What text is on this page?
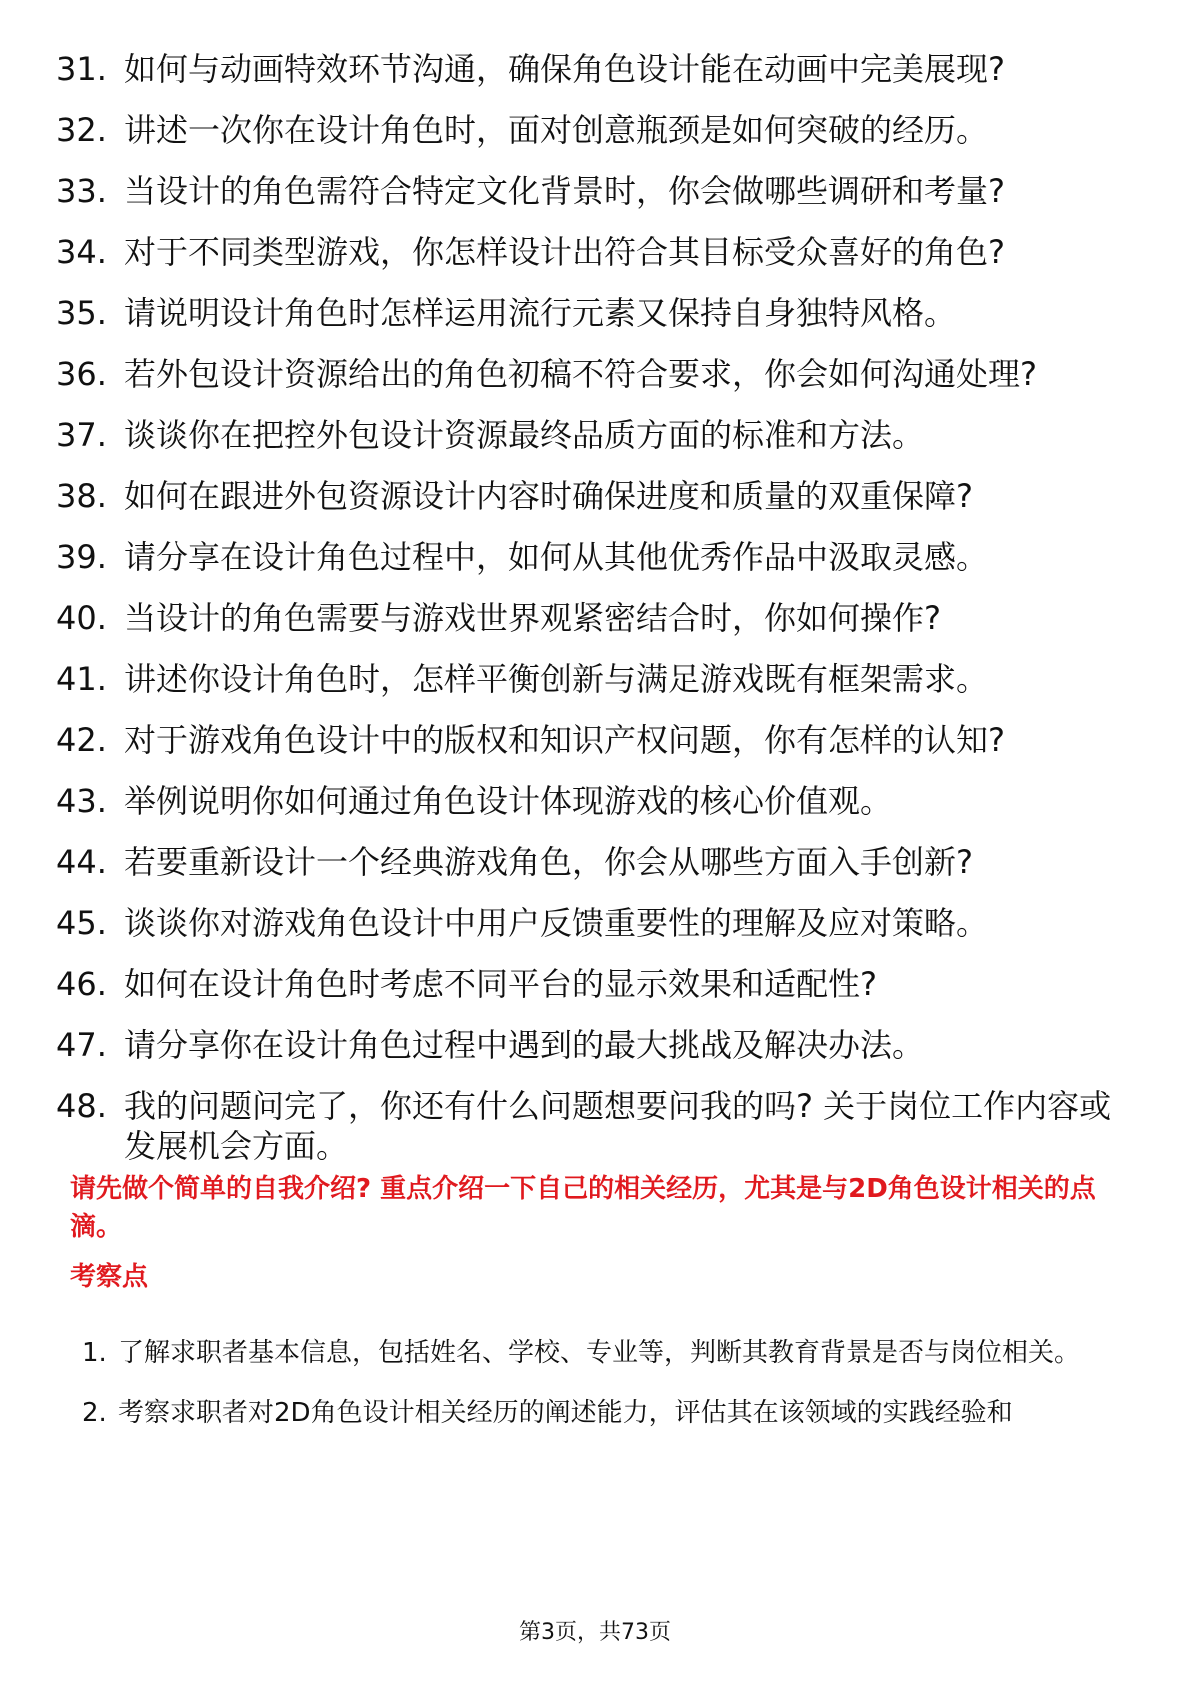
31. 如何与动画特效环节沟通，确保角色设计能在动画中完美展现?
32. 讲述一次你在设计角色时，面对创意瓶颈是如何突破的经历。
33. 当设计的角色需符合特定文化背景时，你会做哪些调研和考量?
34. 对于不同类型游戏，你怎样设计出符合其目标受众喜好的角色?
35. 请说明设计角色时怎样运用流行元素又保持自身独特风格。
36. 若外包设计资源给出的角色初稿不符合要求，你会如何沟通处理?
37. 谈谈你在把控外包设计资源最终品质方面的标准和方法。
38. 如何在跟进外包资源设计内容时确保进度和质量的双重保障?
39. 请分享在设计角色过程中，如何从其他优秀作品中汲取灵感。
40. 当设计的角色需要与游戏世界观紧密结合时，你如何操作?
41. 讲述你设计角色时，怎样平衡创新与满足游戏既有框架需求。
42. 对于游戏角色设计中的版权和知识产权问题，你有怎样的认知?
43. 举例说明你如何通过角色设计体现游戏的核心价值观。
44. 若要重新设计一个经典游戏角色，你会从哪些方面入手创新?
45. 谈谈你对游戏角色设计中用户反馈重要性的理解及应对策略。
46. 如何在设计角色时考虑不同平台的显示效果和适配性?
47. 请分享你在设计角色过程中遇到的最大挑战及解决办法。
48. 我的问题问完了，你还有什么问题想要问我的吗? 关于岗位工作内容或发展机会方面。
请先做个简单的自我介绍? 重点介绍一下自己的相关经历，尤其是与2D角色设计相关的点滴。
考察点
1. 了解求职者基本信息，包括姓名、学校、专业等，判断其教育背景是否与岗位相关。
2. 考察求职者对2D角色设计相关经历的阐述能力，评估其在该领域的实践经验和
第3页，共73页
